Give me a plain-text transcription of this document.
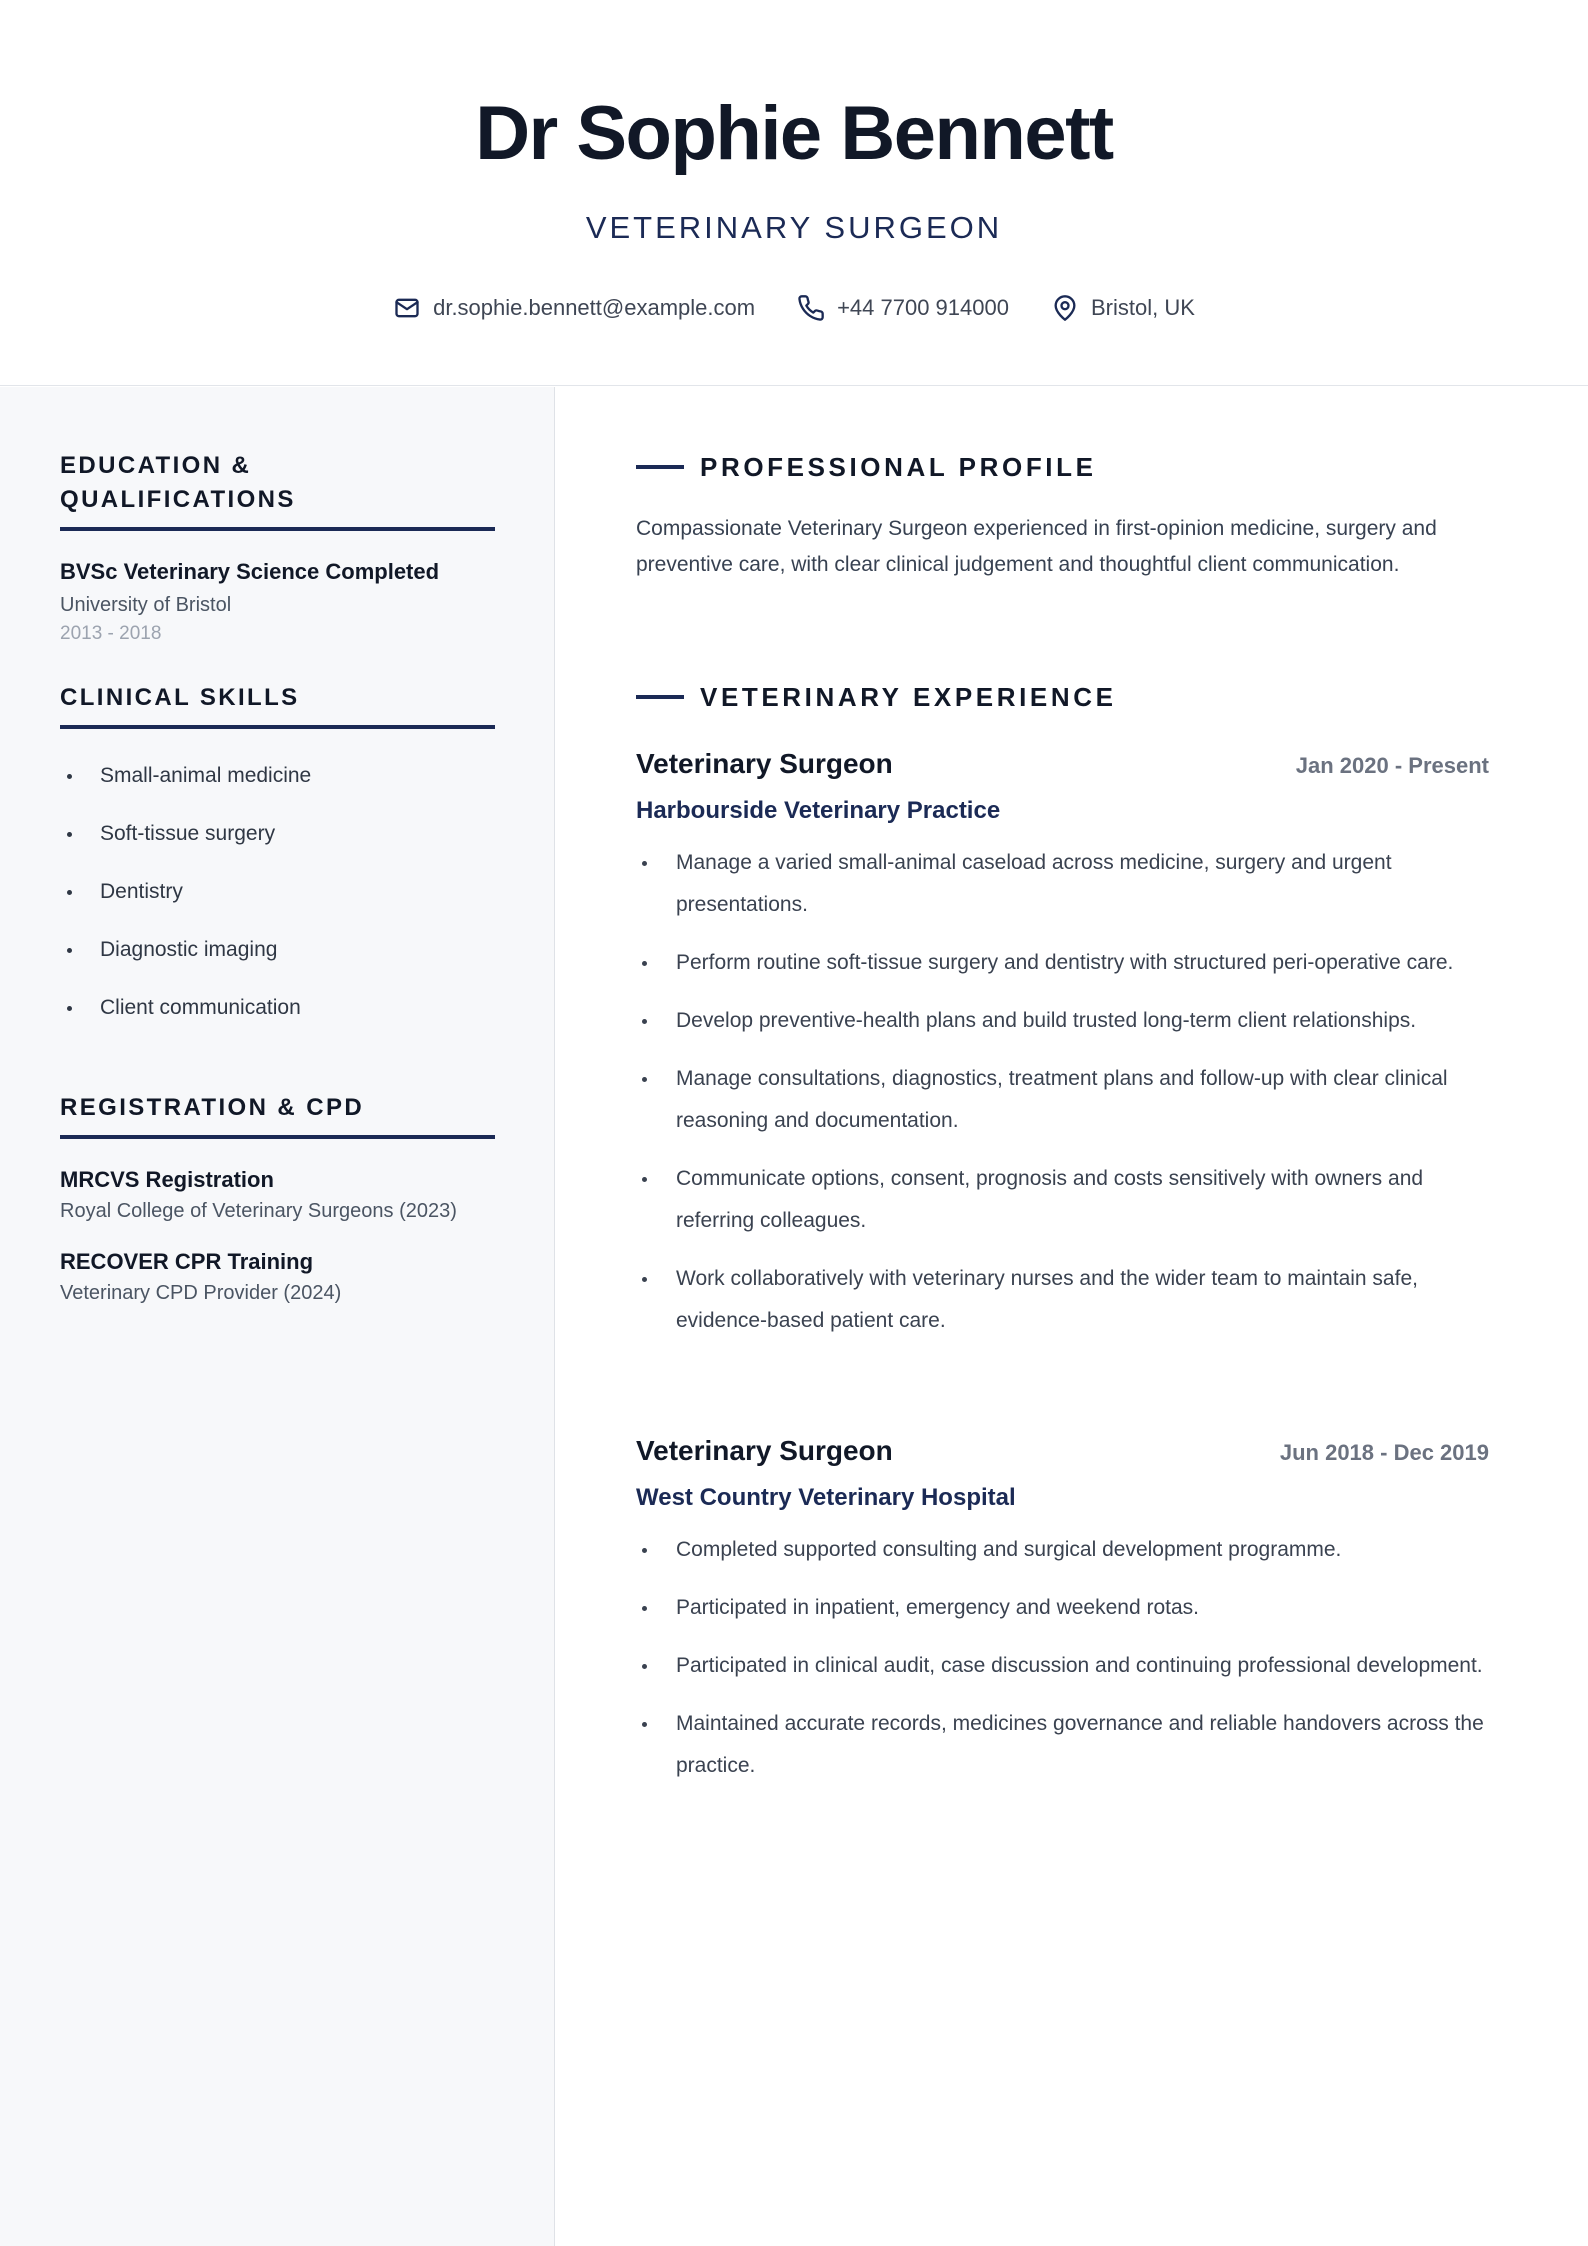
Dr Sophie Bennett
VETERINARY SURGEON
dr.sophie.bennett@example.com	+44 7700 914000	Bristol, UK
EDUCATION & QUALIFICATIONS
BVSc Veterinary Science Completed
University of Bristol
2013 - 2018
CLINICAL SKILLS
Small-animal medicine
Soft-tissue surgery
Dentistry
Diagnostic imaging
Client communication
REGISTRATION & CPD
MRCVS Registration
Royal College of Veterinary Surgeons (2023)
RECOVER CPR Training
Veterinary CPD Provider (2024)
PROFESSIONAL PROFILE

Compassionate Veterinary Surgeon experienced in first-opinion medicine, surgery and preventive care, with clear clinical judgement and thoughtful client communication.

VETERINARY EXPERIENCE
Veterinary Surgeon	Jan 2020 - Present
Harbourside Veterinary Practice
Manage a varied small-animal caseload across medicine, surgery and urgent presentations.
Perform routine soft-tissue surgery and dentistry with structured peri-operative care.
Develop preventive-health plans and build trusted long-term client relationships.
Manage consultations, diagnostics, treatment plans and follow-up with clear clinical reasoning and documentation.
Communicate options, consent, prognosis and costs sensitively with owners and referring colleagues.
Work collaboratively with veterinary nurses and the wider team to maintain safe, evidence-based patient care.
Veterinary Surgeon	Jun 2018 - Dec 2019
West Country Veterinary Hospital
Completed supported consulting and surgical development programme.
Participated in inpatient, emergency and weekend rotas.
Participated in clinical audit, case discussion and continuing professional development.
Maintained accurate records, medicines governance and reliable handovers across the practice.
